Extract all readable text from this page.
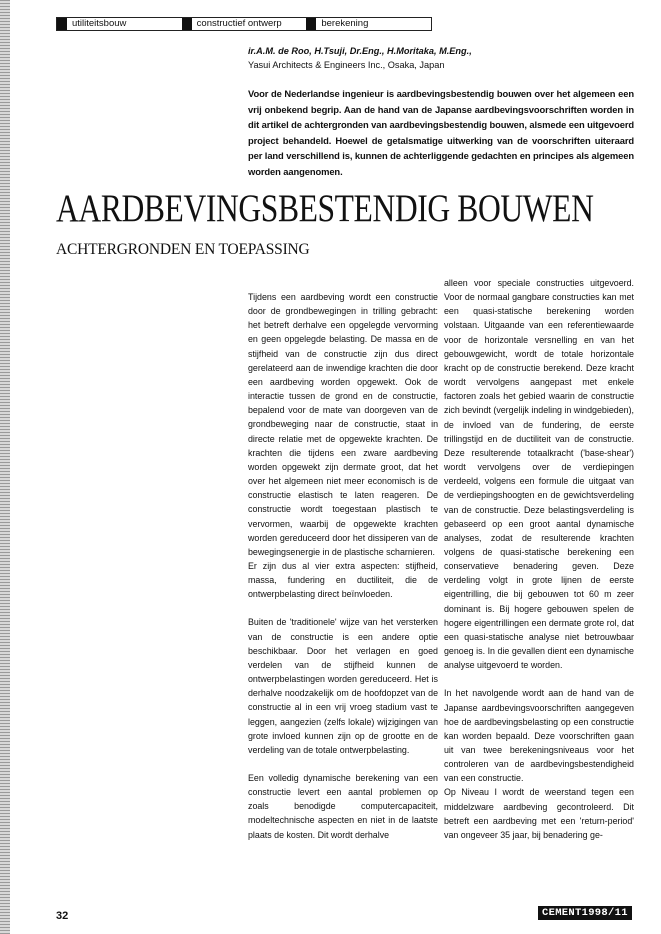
utiliteitsbouw	constructief ontwerp	berekening
ir.A.M. de Roo, H.Tsuji, Dr.Eng., H.Moritaka, M.Eng.,
Yasui Architects & Engineers Inc., Osaka, Japan
Voor de Nederlandse ingenieur is aardbevingsbestendig bouwen over het algemeen een vrij onbekend begrip. Aan de hand van de Japanse aardbevingsvoorschriften worden in dit artikel de achtergronden van aardbevingsbestendig bouwen, alsmede een uitgevoerd project behandeld. Hoewel de getalsmatige uitwerking van de voorschriften uiteraard per land verschillend is, kunnen de achterliggende gedachten en principes als algemeen worden aangenomen.
AARDBEVINGSBESTENDIG BOUWEN
ACHTERGRONDEN EN TOEPASSING

Tijdens een aardbeving wordt een constructie door de grondbewegingen in trilling gebracht: het betreft derhalve een opgelegde vervorming en geen opgelegde belasting. De massa en de stijfheid van de constructie zijn dus direct gerelateerd aan de inwendige krachten die door een aardbeving worden opgewekt. Ook de interactie tussen de grond en de constructie, bepalend voor de mate van doorgeven van de grondbeweging naar de constructie, staat in directe relatie met de opgewekte krachten. De krachten die tijdens een zware aardbeving worden opgewekt zijn dermate groot, dat het over het algemeen niet meer economisch is de constructie elastisch te laten reageren. De constructie wordt toegestaan plastisch te vervormen, waarbij de opgewekte krachten worden gereduceerd door het dissiperen van de bewegingsenergie in de plastische scharnieren.

Er zijn dus al vier extra aspecten: stijfheid, massa, fundering en ductiliteit, die de ontwerpbelasting direct beïnvloeden.

Buiten de 'traditionele' wijze van het versterken van de constructie is een andere optie beschikbaar. Door het verlagen en goed verdelen van de stijfheid kunnen de ontwerpbelastingen worden gereduceerd. Het is derhalve noodzakelijk om de hoofdopzet van de constructie al in een vrij vroeg stadium vast te leggen, aangezien (zelfs lokale) wijzigingen van grote invloed kunnen zijn op de grootte en de verdeling van de totale ontwerpbelasting.

Een volledig dynamische berekening van een constructie levert een aantal problemen op zoals benodigde computercapaciteit, modeltechnische aspecten en niet in de laatste plaats de kosten. Dit wordt derhalve

alleen voor speciale constructies uitgevoerd. Voor de normaal gangbare constructies kan met een quasi-statische berekening worden volstaan. Uitgaande van een referentiewaarde voor de horizontale versnelling en van het gebouwgewicht, wordt de totale horizontale kracht op de constructie berekend. Deze kracht wordt vervolgens aangepast met enkele factoren zoals het gebied waarin de constructie zich bevindt (vergelijk indeling in windgebieden), de invloed van de fundering, de eerste trillingstijd en de ductiliteit van de constructie. Deze resulterende totaalkracht ('base-shear') wordt vervolgens over de verdiepingen verdeeld, volgens een formule die uitgaat van de verdiepingshoogten en de gewichtsverdeling van de constructie. Deze belastingsverdeling is gebaseerd op een groot aantal dynamische analyses, zodat de resulterende krachten volgens de quasi-statische berekening een conservatieve benadering geven. Deze verdeling volgt in grote lijnen de eerste eigentrilling, die bij gebouwen tot 60 m zeer dominant is. Bij hogere gebouwen spelen de hogere eigentrillingen een dermate grote rol, dat een quasi-statische analyse niet betrouwbaar genoeg is. In die gevallen dient een dynamische analyse uitgevoerd te worden.

In het navolgende wordt aan de hand van de Japanse aardbevingsvoorschriften aangegeven hoe de aardbevingsbelasting op een constructie kan worden bepaald. Deze voorschriften gaan uit van twee berekeningsniveaus voor het controleren van de aardbevingsbestendigheid van een constructie.

Op Niveau I wordt de weerstand tegen een middelzware aardbeving gecontroleerd. Dit betreft een aardbeving met een 'return-period' van ongeveer 35 jaar, bij benadering ge-

32	CEMENT1998/11
